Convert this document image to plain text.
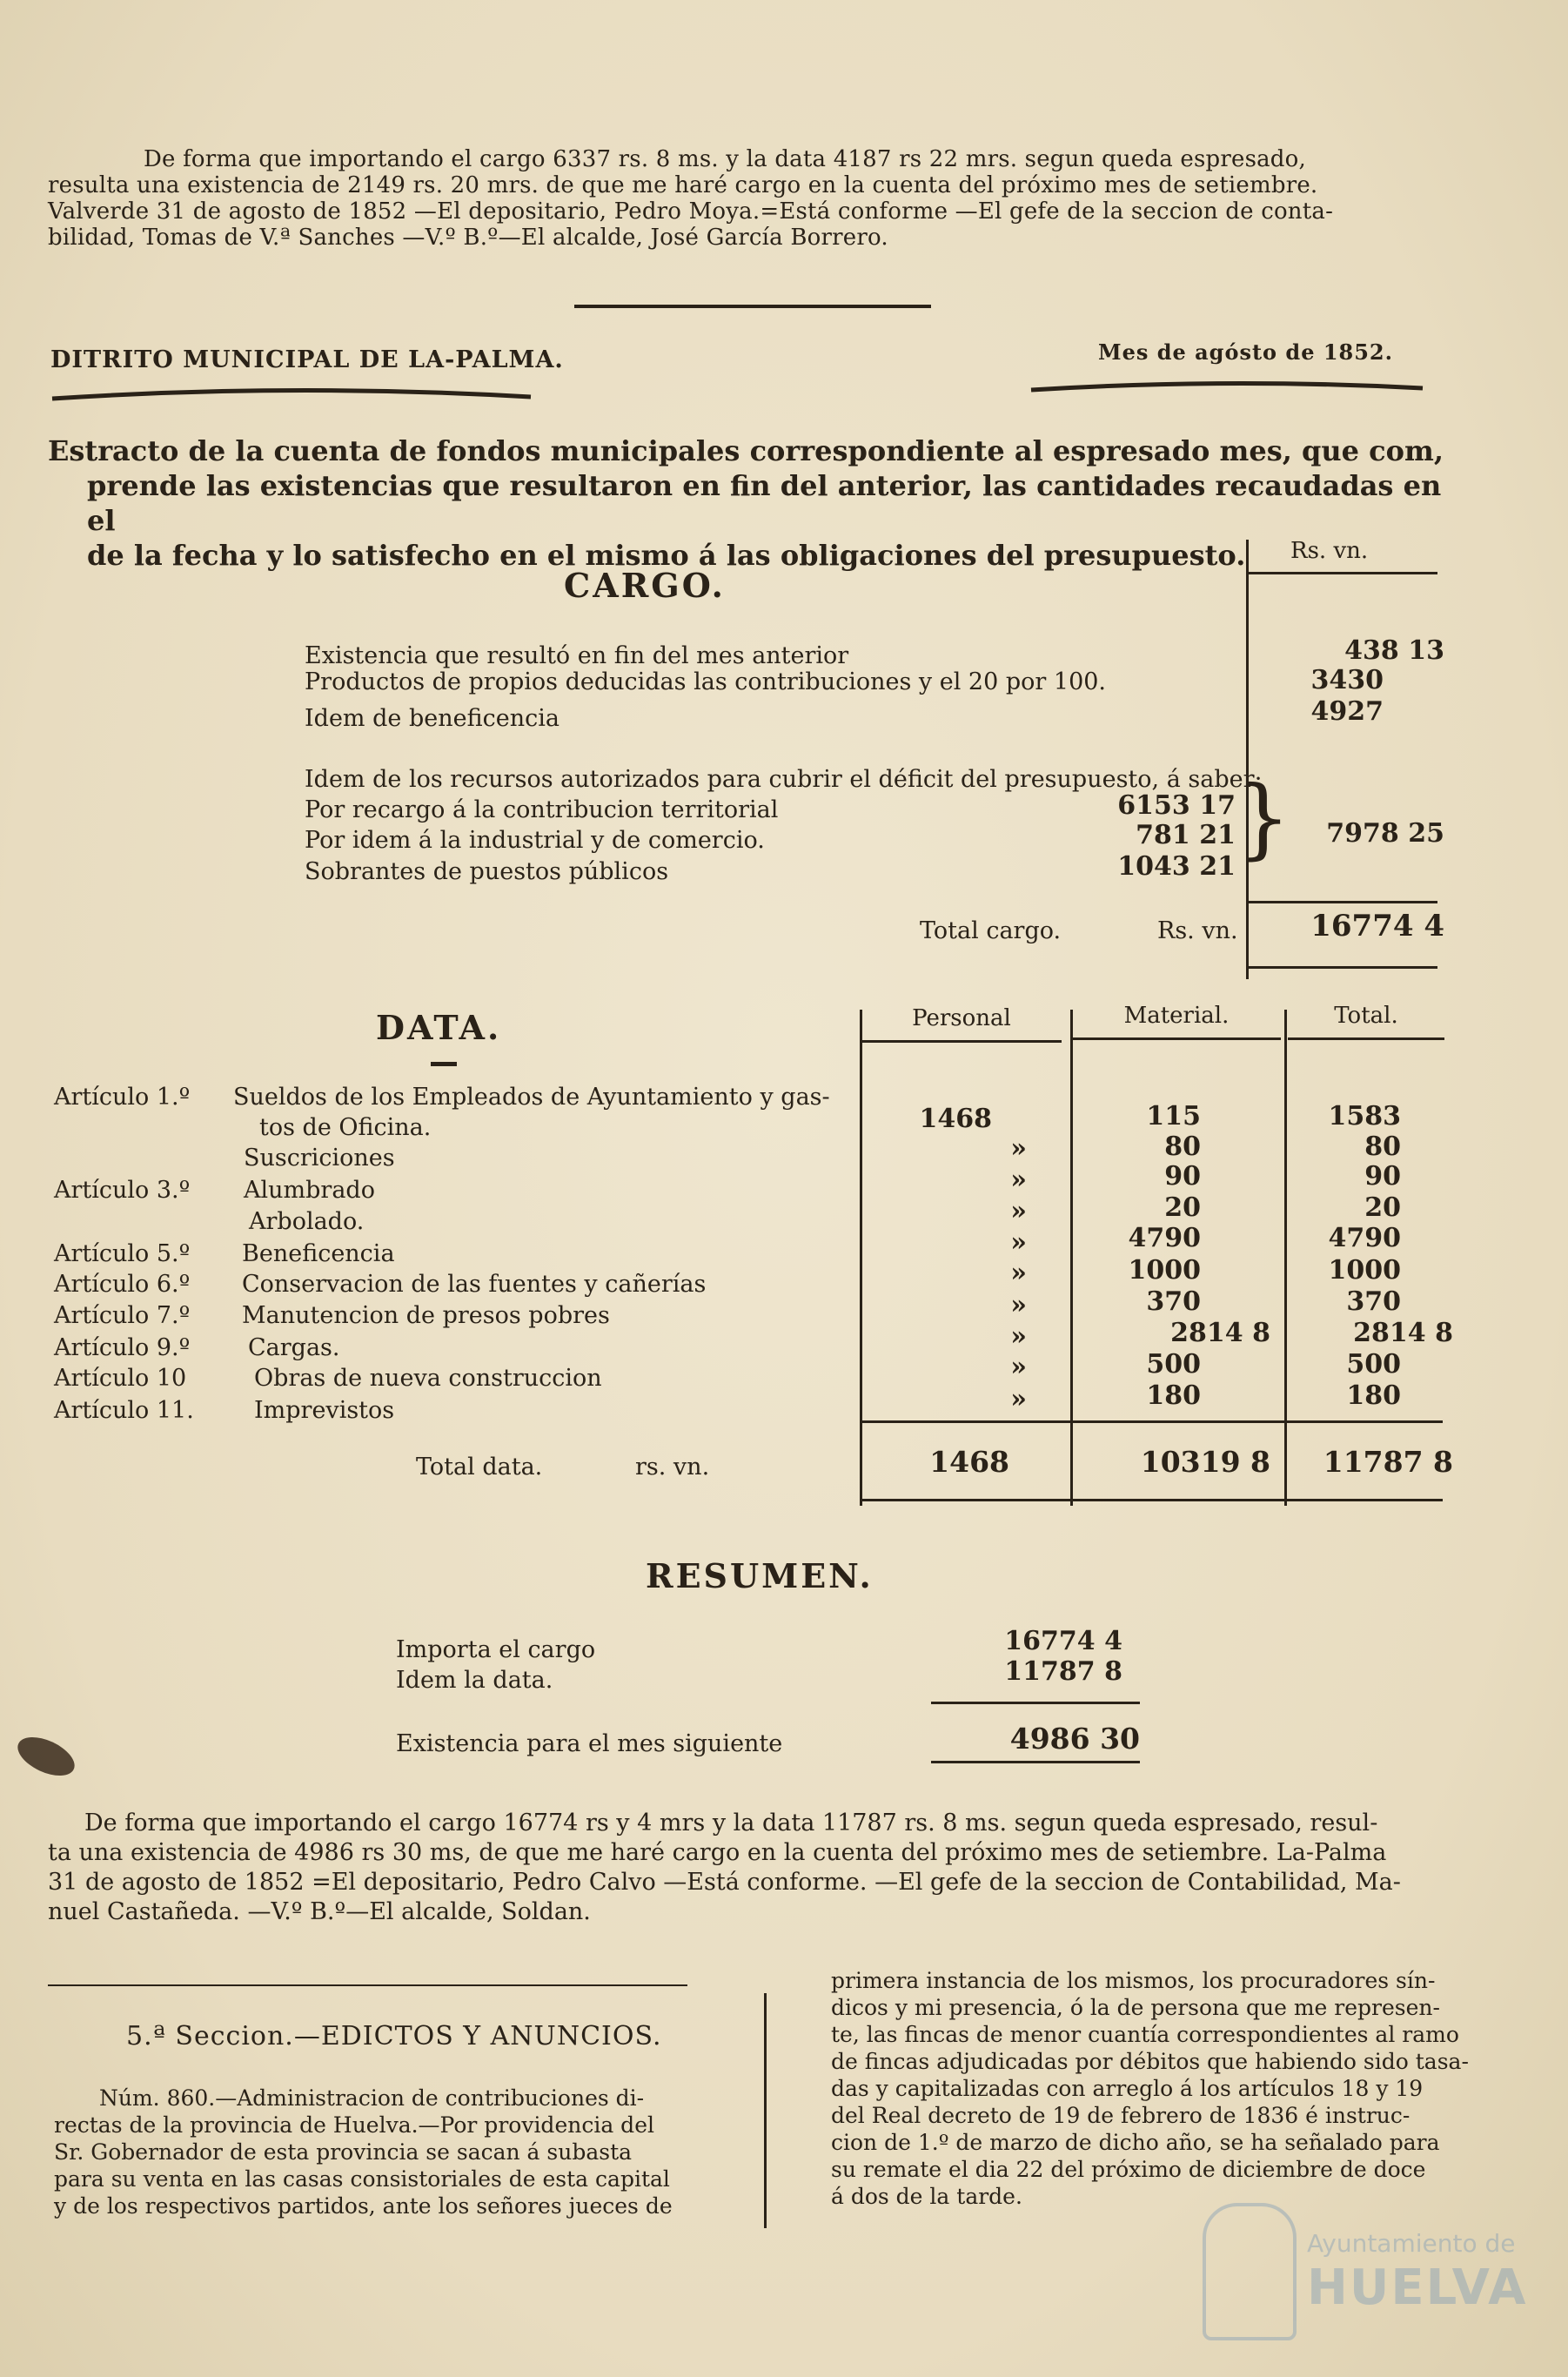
De forma que importando el cargo 6337 rs. 8 ms. y la data 4187 rs 22 mrs. segun queda espresado,

resulta una existencia de 2149 rs. 20 mrs. de que me haré cargo en la cuenta del próximo mes de setiembre.

Valverde 31 de agosto de 1852 —El depositario, Pedro Moya.=Está conforme —El gefe de la seccion de conta-

bilidad, Tomas de V.ª Sanches —V.º B.º—El alcalde, José García Borrero.

DITRITO MUNICIPAL DE LA-PALMA.	Mes de agósto de 1852.
Estracto de la cuenta de fondos municipales correspondiente al espresado mes, que com,
prende las existencias que resultaron en fin del anterior, las cantidades recaudadas en el
de la fecha y lo satisfecho en el mismo á las obligaciones del presupuesto.
CARGO.
Rs. vn.
Existencia que resultó en fin del mes anterior	438 13
Productos de propios deducidas las contribuciones y el 20 por 100.	3430
Idem de beneficencia	4927
Idem de los recursos autorizados para cubrir el déficit del presupuesto, á saber:
Por recargo á la contribucion territorial	6153 17
Por idem á la industrial y de comercio.	781 21
Sobrantes de puestos públicos	1043 21 }	7978 25
Total cargo.	Rs. vn.	16774 4
DATA.	Personal	Material.	Total.
Artículo 1.º Sueldos de los Empleados de Ayuntamiento y gas-
tos de Oficina.	1468	115	1583
Suscriciones	»	80	80
Artículo 3.º Alumbrado	»	90	90
Arbolado.	»	20	20
Artículo 5.º Beneficencia	»	4790	4790
Artículo 6.º Conservacion de las fuentes y cañerías	»	1000	1000
Artículo 7.º Manutencion de presos pobres	»	370	370
Artículo 9.º Cargas.	»	2814 8	2814 8
Artículo 10	Obras de nueva construccion	»	500	500
Artículo 11.	Imprevistos	»	180	180
Total data.	rs. vn.	1468	10319 8	11787 8
RESUMEN.
Importa el cargo	16774 4
Idem la data.	11787 8
Existencia para el mes siguiente	4986 30

De forma que importando el cargo 16774 rs y 4 mrs y la data 11787 rs. 8 ms. segun queda espresado, resul-

ta una existencia de 4986 rs 30 ms, de que me haré cargo en la cuenta del próximo mes de setiembre. La-Palma

31 de agosto de 1852 =El depositario, Pedro Calvo —Está conforme. —El gefe de la seccion de Contabilidad, Ma-

nuel Castañeda. —V.º B.º—El alcalde, Soldan.

5.ª Seccion.—EDICTOS Y ANUNCIOS.
Núm. 860.—Administracion de contribuciones di-
rectas de la provincia de Huelva.—Por providencia del
Sr. Gobernador de esta provincia se sacan á subasta
para su venta en las casas consistoriales de esta capital
y de los respectivos partidos, ante los señores jueces de
primera instancia de los mismos, los procuradores sín-
dicos y mi presencia, ó la de persona que me represen-
te, las fincas de menor cuantía correspondientes al ramo
de fincas adjudicadas por débitos que habiendo sido tasa-
das y capitalizadas con arreglo á los artículos 18 y 19
del Real decreto de 19 de febrero de 1836 é instruc-
cion de 1.º de marzo de dicho año, se ha señalado para
su remate el dia 22 del próximo de diciembre de doce
á dos de la tarde.
Ayuntamiento de
HUELVA
